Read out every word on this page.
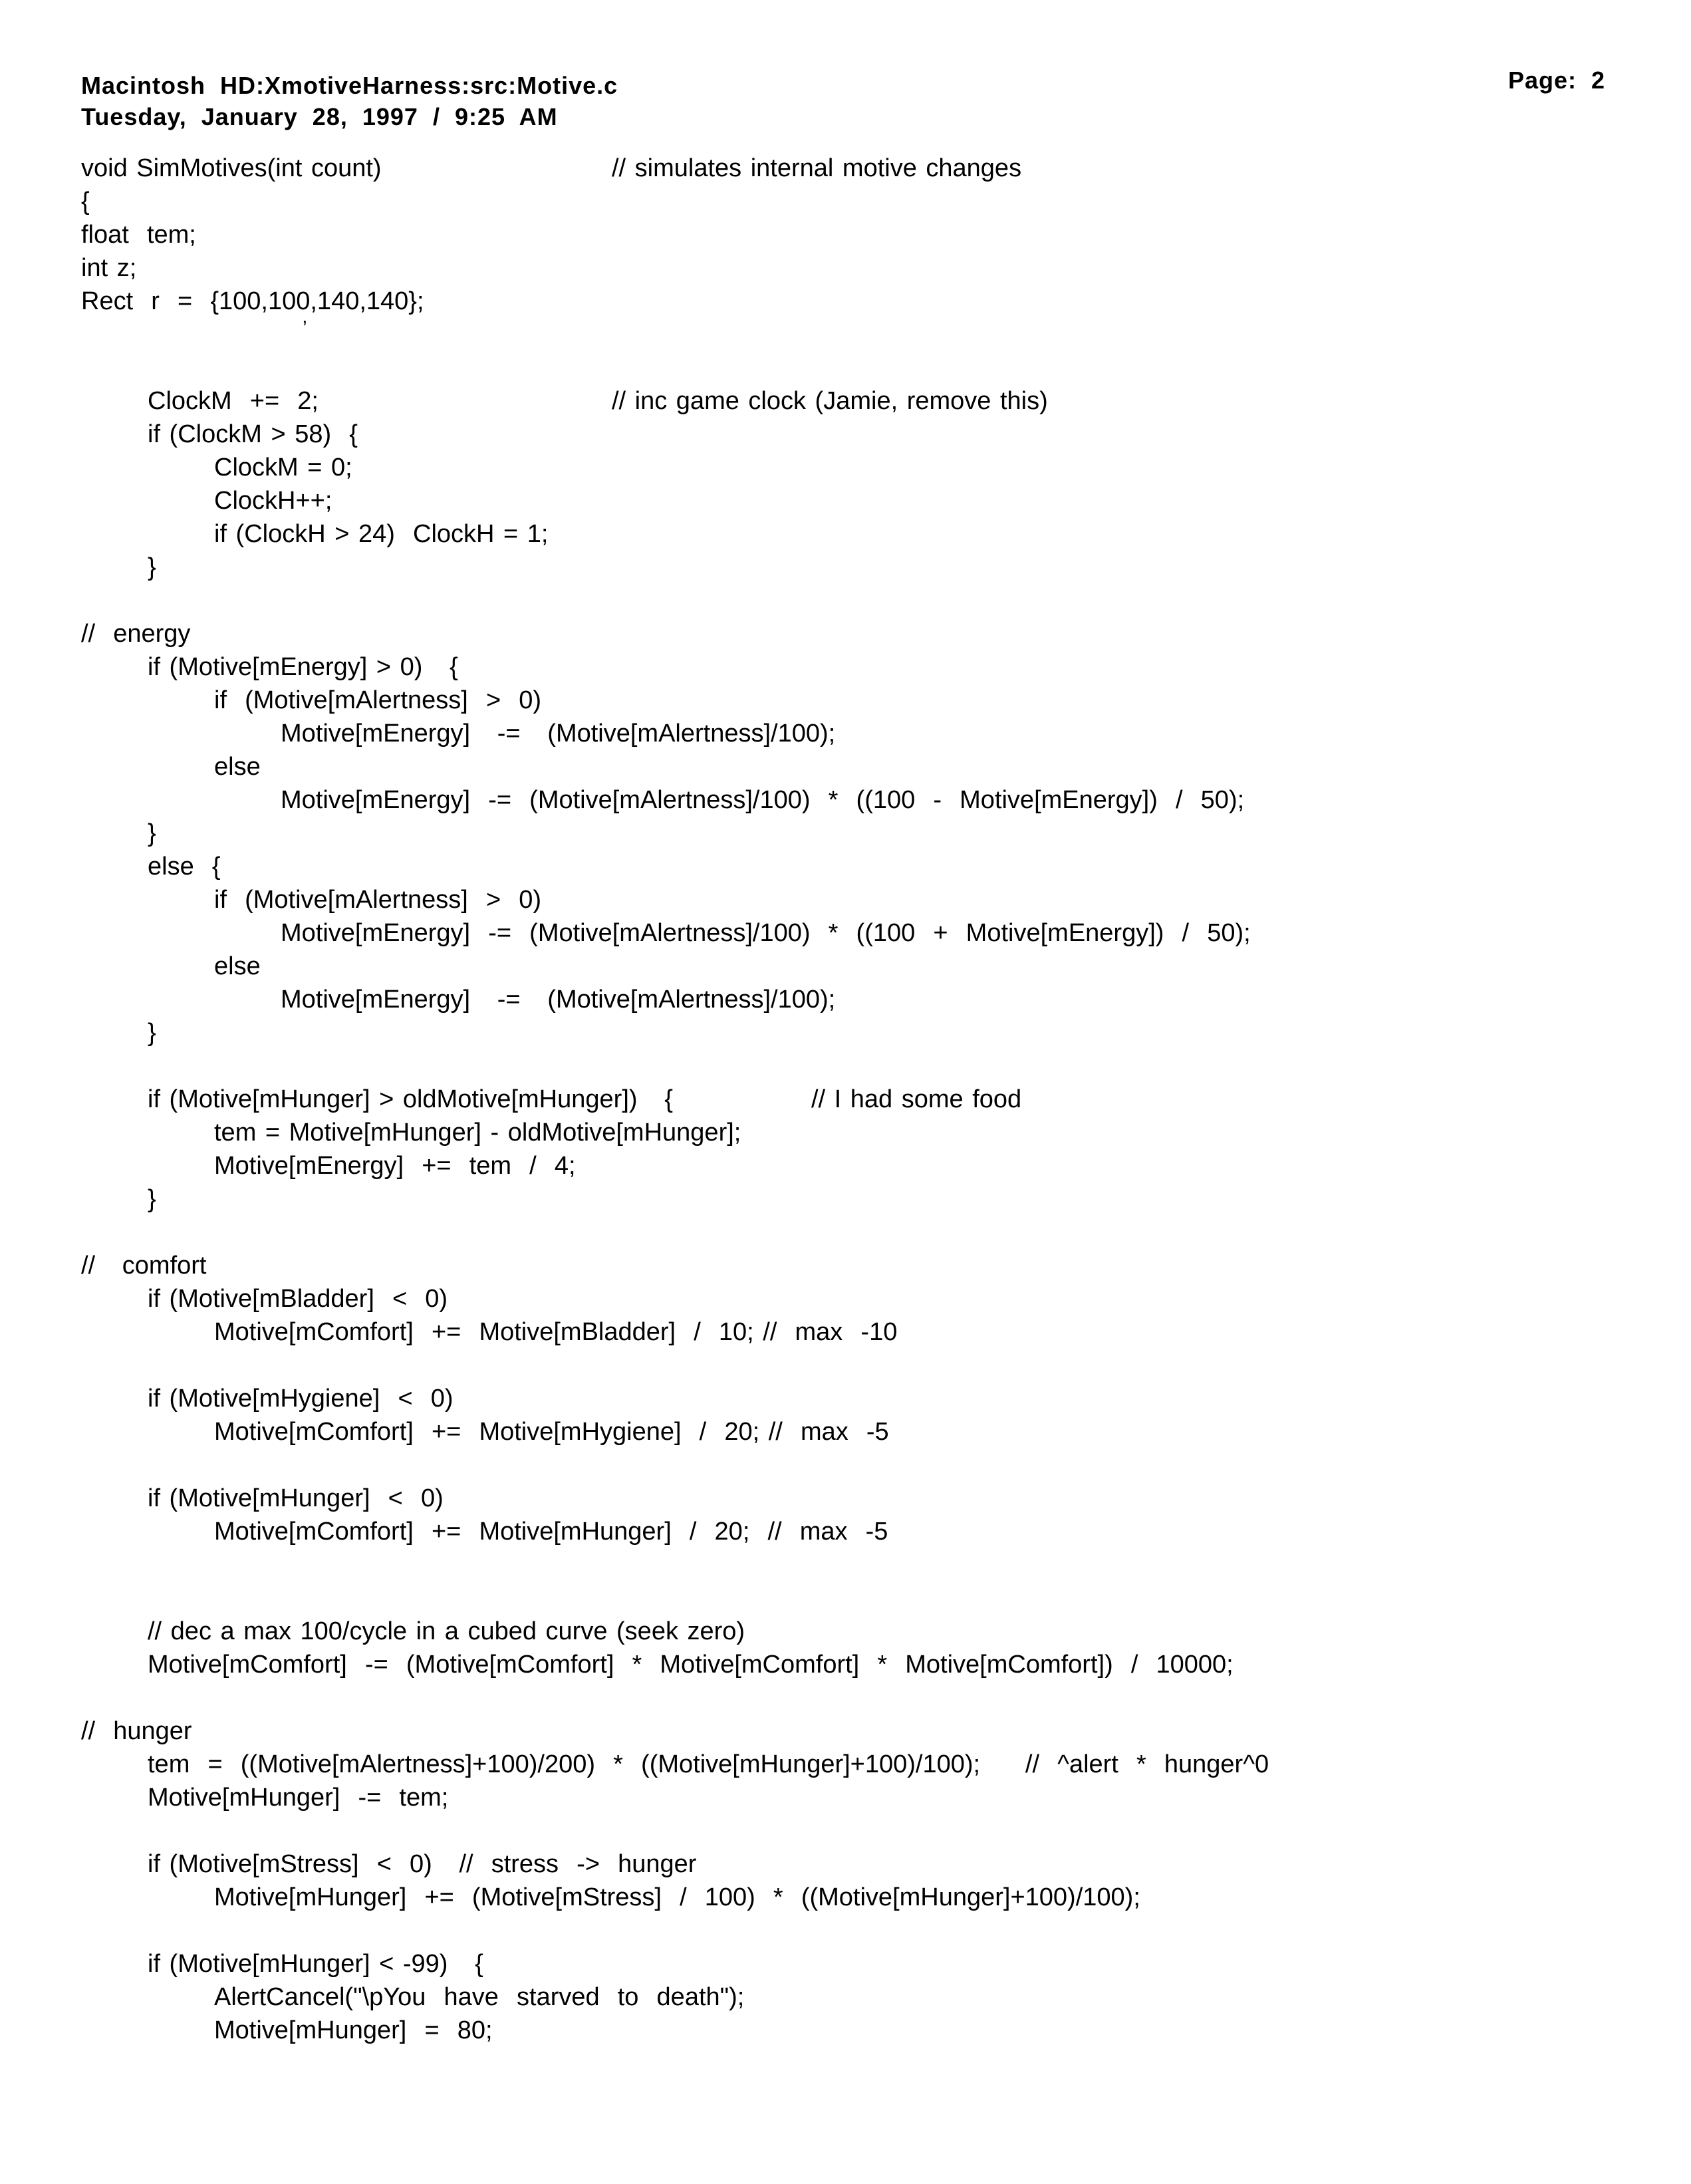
Macintosh  HD:XmotiveHarness:src:Motive.c
Tuesday,  January  28,  1997  /  9:25  AM
Page:  2
’
void SimMotives(int count)	// simulates internal motive changes
{
float  tem;
int z;
Rect  r  =  {100,100,140,140};
ClockM  +=  2;	// inc game clock (Jamie, remove this)
if (ClockM > 58)  {
ClockM = 0;
ClockH++;
if (ClockH > 24)  ClockH = 1;
}
//  energy
if (Motive[mEnergy] > 0)   {
if  (Motive[mAlertness]  >  0)
Motive[mEnergy]   -=   (Motive[mAlertness]/100);
else
Motive[mEnergy]  -=  (Motive[mAlertness]/100)  *  ((100  -  Motive[mEnergy])  /  50);
}
else  {
if  (Motive[mAlertness]  >  0)
Motive[mEnergy]  -=  (Motive[mAlertness]/100)  *  ((100  +  Motive[mEnergy])  /  50);
else
Motive[mEnergy]   -=   (Motive[mAlertness]/100);
}
if (Motive[mHunger] > oldMotive[mHunger])   {	// I had some food
tem = Motive[mHunger] - oldMotive[mHunger];
Motive[mEnergy]  +=  tem  /  4;
}
//   comfort
if (Motive[mBladder]  <  0)
Motive[mComfort]  +=  Motive[mBladder]  /  10; //  max  -10
if (Motive[mHygiene]  <  0)
Motive[mComfort]  +=  Motive[mHygiene]  /  20; //  max  -5
if (Motive[mHunger]  <  0)
Motive[mComfort]  +=  Motive[mHunger]  /  20;  //  max  -5
// dec a max 100/cycle in a cubed curve (seek zero)
Motive[mComfort]  -=  (Motive[mComfort]  *  Motive[mComfort]  *  Motive[mComfort])  /  10000;
//  hunger
tem  =  ((Motive[mAlertness]+100)/200)  *  ((Motive[mHunger]+100)/100);     //  ^alert  *  hunger^0
Motive[mHunger]  -=  tem;
if (Motive[mStress]  <  0)   //  stress  ->  hunger
Motive[mHunger]  +=  (Motive[mStress]  /  100)  *  ((Motive[mHunger]+100)/100);
if (Motive[mHunger] < -99)   {
AlertCancel("\pYou  have  starved  to  death");
Motive[mHunger]  =  80;
